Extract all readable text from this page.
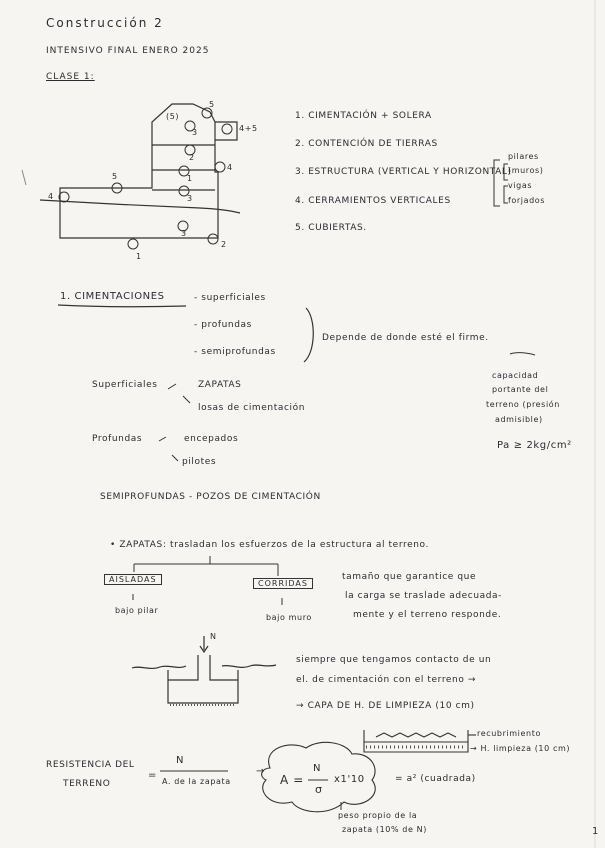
Construcción 2
INTENSIVO FINAL ENERO 2025
CLASE 1:
1
2
3
3
2
1
3
4
4
5
5
4+5
(5)	1. CIMENTACIÓN + SOLERA
2. CONTENCIÓN DE TIERRAS
3. ESTRUCTURA (VERTICAL Y HORIZONTAL)
4. CERRAMIENTOS VERTICALES
5. CUBIERTAS.
pilares
(muros)
vigas
forjados
1. CIMENTACIONES	- superficiales
- profundas
- semiprofundas
Depende de donde esté el firme.
capacidad
portante del
terreno (presión
admisible)
Pa ≥ 2kg/cm²
Superficiales	ZAPATAS
losas de cimentación
Profundas	encepados
pilotes
SEMIPROFUNDAS - POZOS DE CIMENTACIÓN
• ZAPATAS: trasladan los esfuerzos de la estructura al terreno.
AISLADAS
bajo pilar
CORRIDAS
bajo muro
tamaño que garantice que
la carga se traslade adecuada-
mente y el terreno responde.
N
siempre que tengamos contacto de un
el. de cimentación con el terreno →
→ CAPA DE H. DE LIMPIEZA (10 cm)
recubrimiento
→ H. limpieza (10 cm)
RESISTENCIA DEL
TERRENO
=
N
A. de la zapata
→
A =
N
σ
x1'10	= a² (cuadrada)
peso propio de la
zapata (10% de N)	1
